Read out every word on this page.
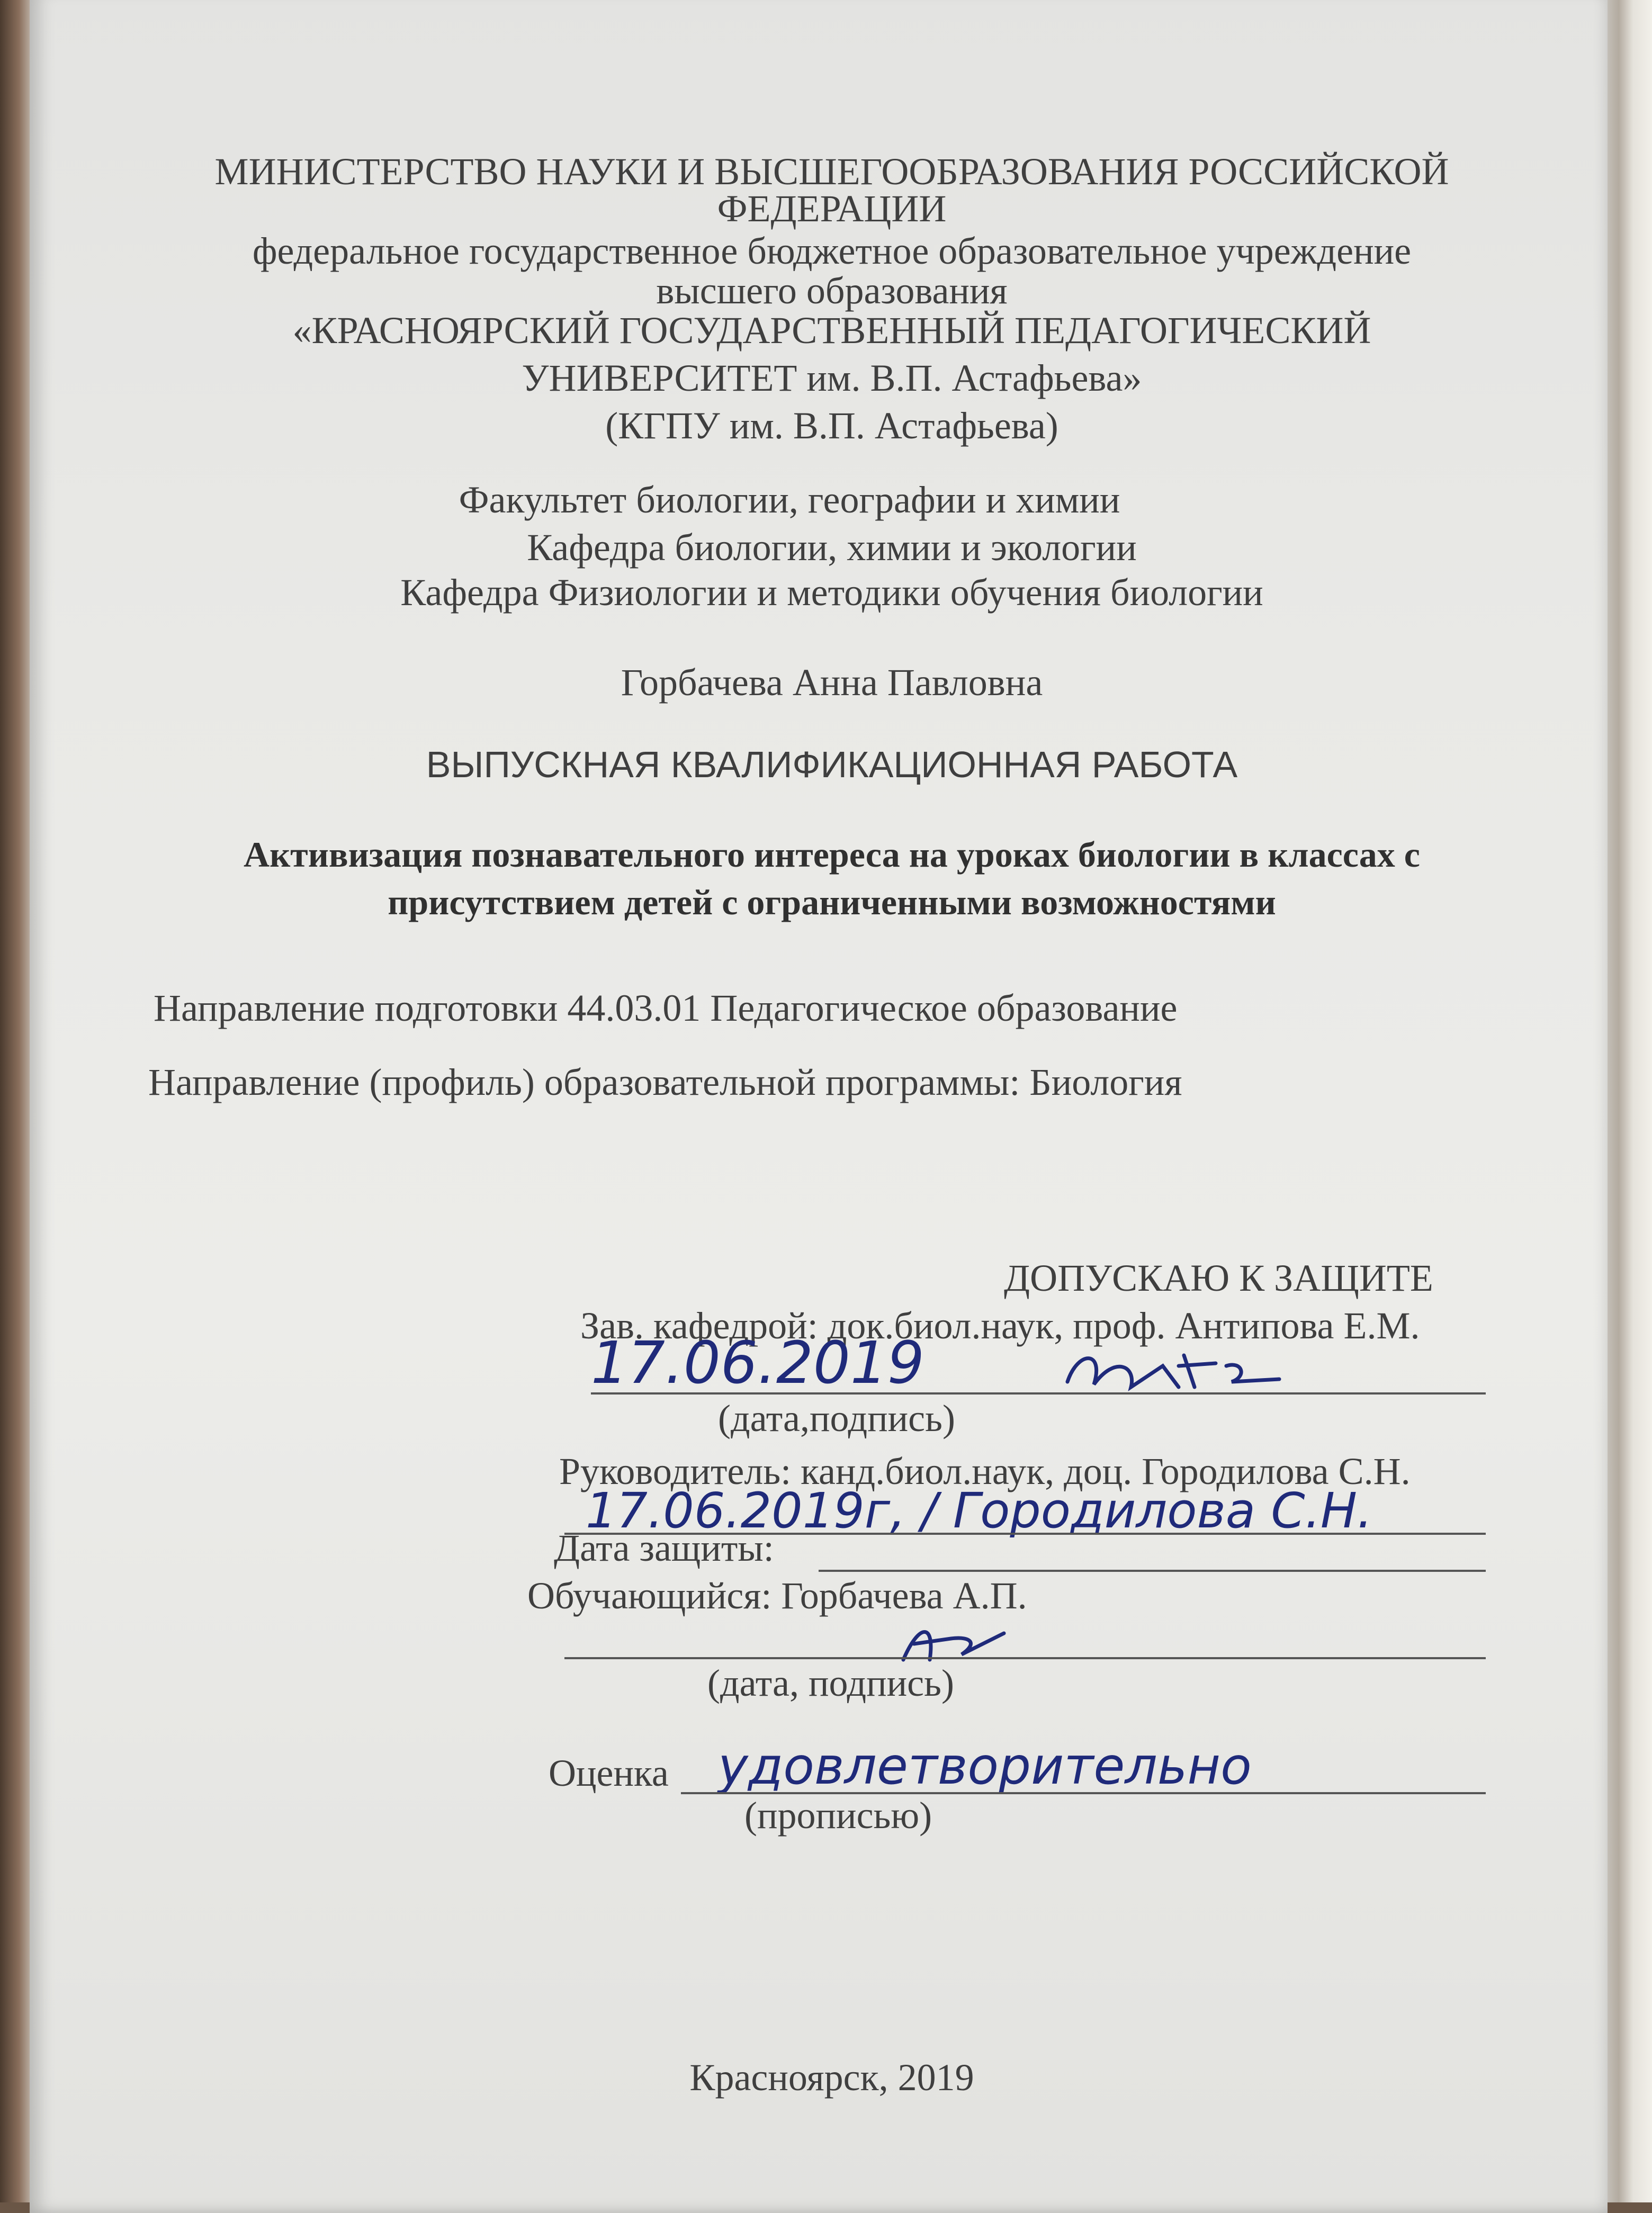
МИНИСТЕРСТВО НАУКИ И ВЫСШЕГООБРАЗОВАНИЯ РОССИЙСКОЙ
ФЕДЕРАЦИИ
федеральное государственное бюджетное образовательное учреждение
высшего образования
«КРАСНОЯРСКИЙ ГОСУДАРСТВЕННЫЙ ПЕДАГОГИЧЕСКИЙ
УНИВЕРСИТЕТ им. В.П. Астафьева»
(КГПУ им. В.П. Астафьева)
Факультет биологии, географии и химии
Кафедра биологии, химии и экологии
Кафедра Физиологии и методики обучения биологии
Горбачева Анна Павловна
ВЫПУСКНАЯ КВАЛИФИКАЦИОННАЯ РАБОТА
Активизация познавательного интереса на уроках биологии в классах с
присутствием детей с ограниченными возможностями
Направление подготовки 44.03.01 Педагогическое образование
Направление (профиль) образовательной программы: Биология
ДОПУСКАЮ К ЗАЩИТЕ
Зав. кафедрой: док.биол.наук, проф. Антипова Е.М.
17.06.2019
(дата,подпись)
Руководитель: канд.биол.наук, доц. Городилова С.Н.
17.06.2019г, / Городилова С.Н.
Дата защиты:
Обучающийся: Горбачева А.П.
(дата, подпись)
Оценка удовлетворительно
(прописью)
Красноярск, 2019
